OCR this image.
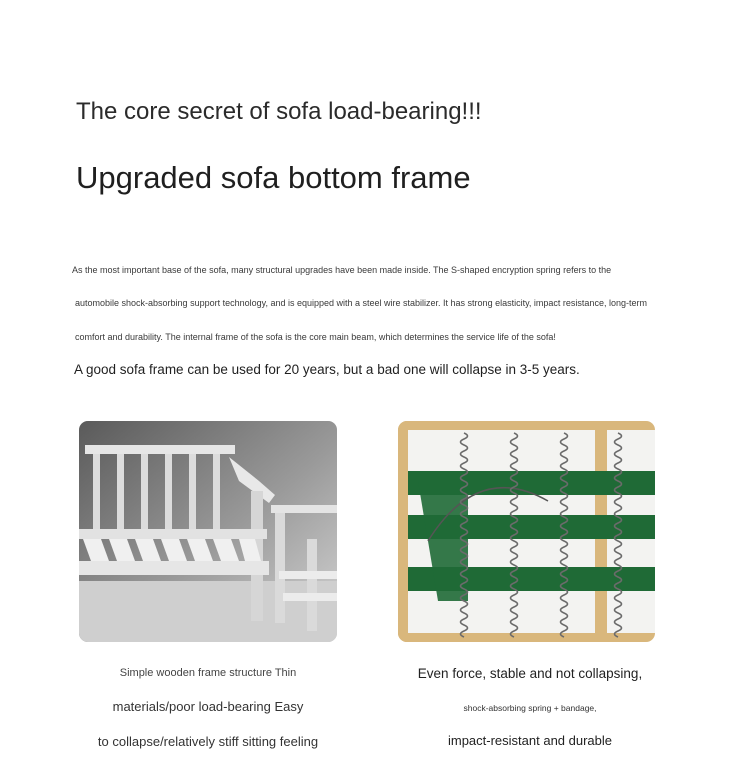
The core secret of sofa load-bearing!!!
Upgraded sofa bottom frame
As the most important base of the sofa, many structural upgrades have been made inside. The S-shaped encryption spring refers to the
automobile shock-absorbing support technology, and is equipped with a steel wire stabilizer. It has strong elasticity, impact resistance, long-term
comfort and durability. The internal frame of the sofa is the core main beam, which determines the service life of the sofa!
A good sofa frame can be used for 20 years, but a bad one will collapse in 3-5 years.
Simple wooden frame structure Thin
materials/poor load-bearing Easy
to collapse/relatively stiff sitting feeling
Even force, stable and not collapsing,
shock-absorbing spring + bandage,
impact-resistant and durable
